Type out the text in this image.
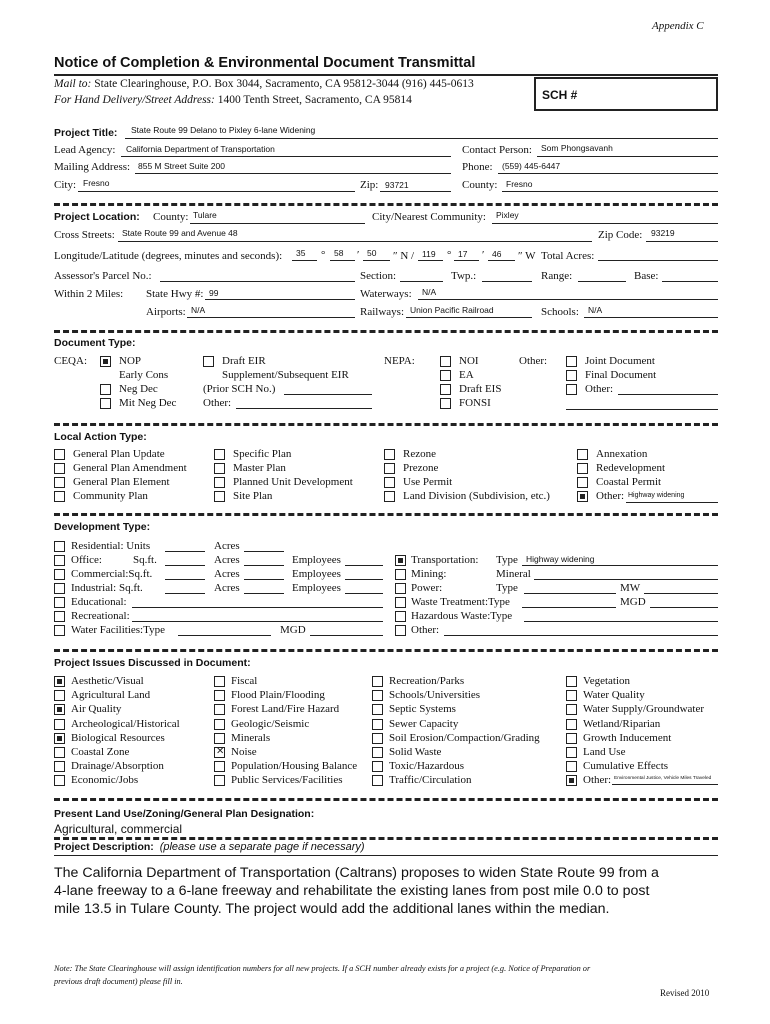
Appendix C
Notice of Completion & Environmental Document Transmittal
Mail to: State Clearinghouse, P.O. Box 3044, Sacramento, CA 95812-3044 (916) 445-0613
For Hand Delivery/Street Address: 1400 Tenth Street, Sacramento, CA 95814	SCH #
Project Title: State Route 99 Delano to Pixley 6-lane Widening
Lead Agency: California Department of Transportation	Contact Person: Som Phongsavanh
Mailing Address: 855 M Street Suite 200	Phone: (559) 445-6447
City: Fresno	Zip: 93721	County: Fresno
Project Location: County: Tulare	City/Nearest Community: Pixley
Cross Streets: State Route 99 and Avenue 48	Zip Code: 93219
Longitude/Latitude (degrees, minutes and seconds): 35 ° 58 ′ 50 ″ N / 119 ° 17 ′ 46 ″ W Total Acres:
Assessor's Parcel No.:	Section:	Twp.:	Range:	Base:
Within 2 Miles: State Hwy #: 99	Waterways: N/A
Airports: N/A	Railways: Union Pacific Railroad	Schools: N/A
Document Type:
CEQA:	NOP
Early Cons
Neg Dec
Mit Neg Dec
Draft EIR
Supplement/Subsequent EIR
(Prior SCH No.)
Other:
NEPA:	NOI
EA
Draft EIS
FONSI
Other:	Joint Document
Final Document
Other:
Local Action Type:
General Plan Update
General Plan Amendment
General Plan Element
Community Plan
Specific Plan
Master Plan
Planned Unit Development
Site Plan
Rezone
Prezone
Use Permit
Land Division (Subdivision, etc.)
Annexation
Redevelopment
Coastal Permit
Other: Highway widening
Development Type:
Residential: Units	Acres
Office:	Sq.ft.	Acres	Employees
Commercial:Sq.ft.	Acres	Employees
Industrial: Sq.ft.	Acres	Employees
Educational:
Recreational:
Water Facilities:Type	MGD
Transportation: Type Highway widening
Mining:	Mineral
Power:	Type	MW
Waste Treatment:Type	MGD
Hazardous Waste:Type
Other:
Project Issues Discussed in Document:
Aesthetic/Visual
Agricultural Land
Air Quality
Archeological/Historical
Biological Resources
Coastal Zone
Drainage/Absorption
Economic/Jobs
Fiscal
Flood Plain/Flooding
Forest Land/Fire Hazard
Geologic/Seismic
Minerals
✕
Noise
Population/Housing Balance
Public Services/Facilities
Recreation/Parks
Schools/Universities
Septic Systems
Sewer Capacity
Soil Erosion/Compaction/Grading
Solid Waste
Toxic/Hazardous
Traffic/Circulation
Vegetation
Water Quality
Water Supply/Groundwater
Wetland/Riparian
Growth Inducement
Land Use
Cumulative Effects
Other: Environmental Justice, Vehicle Miles Traveled
Present Land Use/Zoning/General Plan Designation:
Agricultural, commercial
Project Description: (please use a separate page if necessary)
The California Department of Transportation (Caltrans) proposes to widen State Route 99 from a
4-lane freeway to a 6-lane freeway and rehabilitate the existing lanes from post mile 0.0 to post
mile 13.5 in Tulare County. The project would add the additional lanes within the median.
Note: The State Clearinghouse will assign identification numbers for all new projects. If a SCH number already exists for a project (e.g. Notice of Preparation or
previous draft document) please fill in.
Revised 2010
